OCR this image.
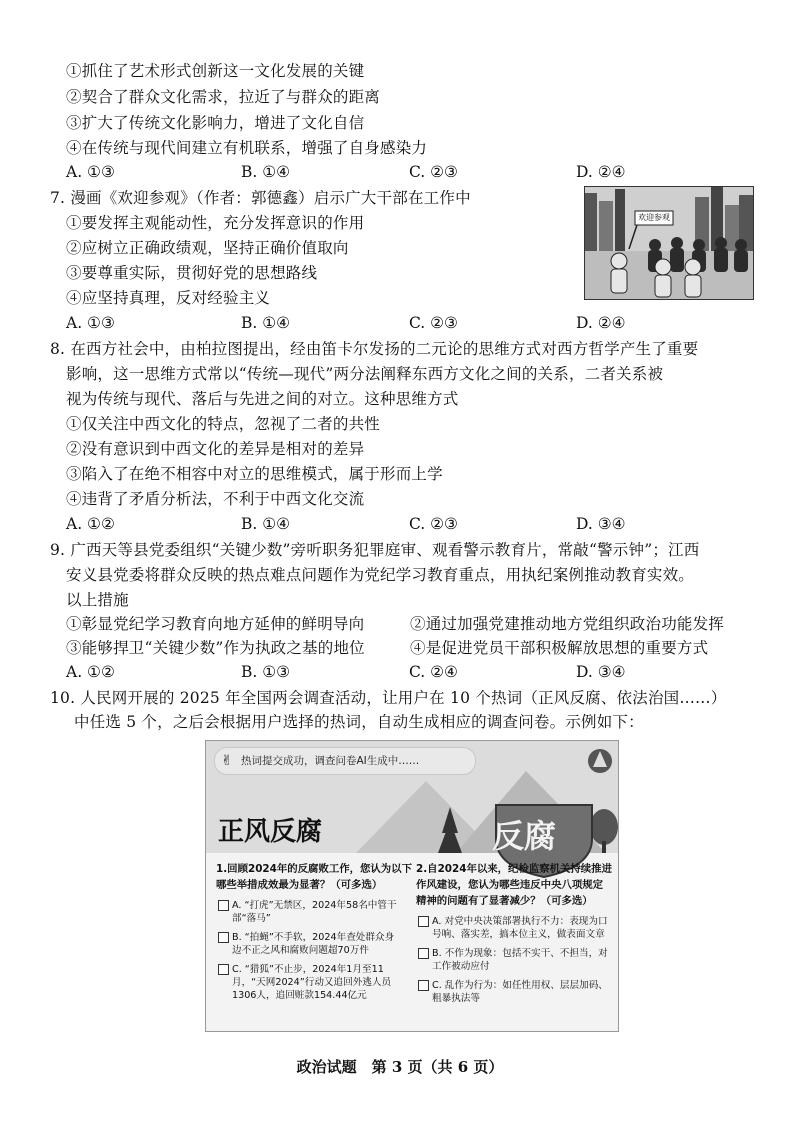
①抓住了艺术形式创新这一文化发展的关键
②契合了群众文化需求，拉近了与群众的距离
③扩大了传统文化影响力，增进了文化自信
④在传统与现代间建立有机联系，增强了自身感染力
A. ①③	B. ①④	C. ②③	D. ②④
7. 漫画《欢迎参观》（作者：郭德鑫）启示广大干部在工作中
①要发挥主观能动性，充分发挥意识的作用
②应树立正确政绩观，坚持正确价值取向
③要尊重实际，贯彻好党的思想路线
④应坚持真理，反对经验主义
A. ①③	B. ①④	C. ②③	D. ②④
欢迎参观
8. 在西方社会中，由柏拉图提出，经由笛卡尔发扬的二元论的思维方式对西方哲学产生了重要
影响，这一思维方式常以“传统—现代”两分法阐释东西方文化之间的关系，二者关系被
视为传统与现代、落后与先进之间的对立。这种思维方式
①仅关注中西文化的特点，忽视了二者的共性
②没有意识到中西文化的差异是相对的差异
③陷入了在绝不相容中对立的思维模式，属于形而上学
④违背了矛盾分析法，不利于中西文化交流
A. ①②	B. ①④	C. ②③	D. ③④
9. 广西天等县党委组织“关键少数”旁听职务犯罪庭审、观看警示教育片，常敲“警示钟”；江西
安义县党委将群众反映的热点难点问题作为党纪学习教育重点，用执纪案例推动教育实效。
以上措施
①彰显党纪学习教育向地方延伸的鲜明导向	②通过加强党建推动地方党组织政治功能发挥
③能够捍卫“关键少数”作为执政之基的地位	④是促进党员干部积极解放思想的重要方式
A. ①②	B. ①③	C. ②④	D. ③④
10. 人民网开展的 2025 年全国两会调查活动，让用户在 10 个热词（正风反腐、依法治国……）
中任选 5 个，之后会根据用户选择的热词，自动生成相应的调查问卷。示例如下：
✌ 热词提交成功，调查问卷AI生成中……
正风反腐	反腐
1.回顾2024年的反腐败工作，您认为以下
哪些举措成效最为显著？（可多选）
A. “打虎”无禁区，2024年58名中管干
部“落马”
B. “拍蝇”不手软，2024年查处群众身
边不正之风和腐败问题超70万件
C. “猎狐”不止步，2024年1月至11
月，“天网2024”行动又追回外逃人员
1306人，追回赃款154.44亿元
2.自2024年以来，纪检监察机关持续推进
作风建设，您认为哪些违反中央八项规定
精神的问题有了显著减少？（可多选）
A. 对党中央决策部署执行不力：表现为口
号响、落实差，搞本位主义，做表面文章
B. 不作为现象：包括不实干、不担当，对
工作被动应付
C. 乱作为行为：如任性用权、层层加码、
粗暴执法等
政治试题　第 3 页（共 6 页）
